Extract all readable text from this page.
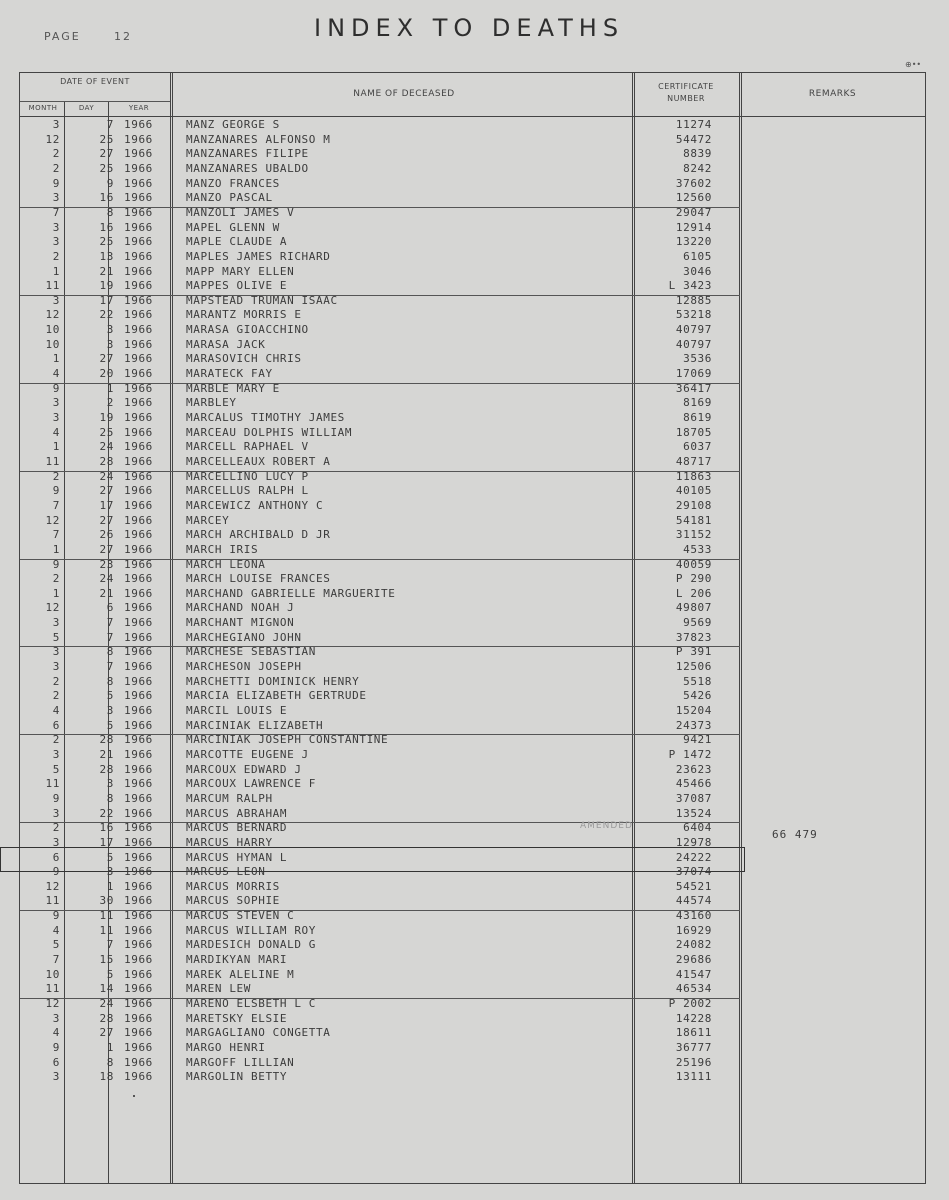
PAGE	12	INDEX TO DEATHS
⊕••
DATE OF EVENT
MONTH	DAY	YEAR
NAME OF DECEASED
CERTIFICATE NUMBER	REMARKS
3	7 1966	MANZ GEORGE S	11274
12	25 1966	MANZANARES ALFONSO M	54472
2	27 1966	MANZANARES FILIPE	8839
2	25 1966	MANZANARES UBALDO	8242
9	9 1966	MANZO FRANCES	37602
3	16 1966	MANZO PASCAL	12560
7	8 1966	MANZOLI JAMES V	29047
3	16 1966	MAPEL GLENN W	12914
3	25 1966	MAPLE CLAUDE A	13220
2	13 1966	MAPLES JAMES RICHARD	6105
1	21 1966	MAPP MARY ELLEN	3046
11	19 1966	MAPPES OLIVE E	L 3423
3	17 1966	MAPSTEAD TRUMAN ISAAC	12885
12	22 1966	MARANTZ MORRIS E	53218
10	3 1966	MARASA GIOACCHINO	40797
10	3 1966	MARASA JACK	40797
1	27 1966	MARASOVICH CHRIS	3536
4	20 1966	MARATECK FAY	17069
9	1 1966	MARBLE MARY E	36417
3	2 1966	MARBLEY	8169
3	19 1966	MARCALUS TIMOTHY JAMES	8619
4	25 1966	MARCEAU DOLPHIS WILLIAM	18705
1	24 1966	MARCELL RAPHAEL V	6037
11	28 1966	MARCELLEAUX ROBERT A	48717
2	24 1966	MARCELLINO LUCY P	11863
9	27 1966	MARCELLUS RALPH L	40105
7	17 1966	MARCEWICZ ANTHONY C	29108
12	27 1966	MARCEY	54181
7	26 1966	MARCH ARCHIBALD D JR	31152
1	27 1966	MARCH IRIS	4533
9	23 1966	MARCH LEONA	40059
2	24 1966	MARCH LOUISE FRANCES	P 290
1	21 1966	MARCHAND GABRIELLE MARGUERITE	L 206
12	6 1966	MARCHAND NOAH J	49807
3	7 1966	MARCHANT MIGNON	9569
5	7 1966	MARCHEGIANO JOHN	37823
3	8 1966	MARCHESE SEBASTIAN	P 391
3	7 1966	MARCHESON JOSEPH	12506
2	8 1966	MARCHETTI DOMINICK HENRY	5518
2	5 1966	MARCIA ELIZABETH GERTRUDE	5426
4	3 1966	MARCIL LOUIS E	15204
6	5 1966	MARCINIAK ELIZABETH	24373
2	28 1966	MARCINIAK JOSEPH CONSTANTINE	9421
3	21 1966	MARCOTTE EUGENE J	P 1472
5	28 1966	MARCOUX EDWARD J	23623
11	3 1966	MARCOUX LAWRENCE F	45466
9	8 1966	MARCUM RALPH	37087
3	22 1966	MARCUS ABRAHAM	13524
2	16 1966	MARCUS BERNARD	6404
3	17 1966	MARCUS HARRY	12978
6	5 1966	MARCUS HYMAN L	24222
9	3 1966	MARCUS LEON	37074
12	1 1966	MARCUS MORRIS	54521
11	30 1966	MARCUS SOPHIE	44574
9	11 1966	MARCUS STEVEN C	43160
4	11 1966	MARCUS WILLIAM ROY	16929
5	7 1966	MARDESICH DONALD G	24082
7	15 1966	MARDIKYAN MARI	29686
10	5 1966	MAREK ALELINE M	41547
11	14 1966	MAREN LEW	46534
12	24 1966	MARENO ELSBETH L C	P 2002
3	28 1966	MARETSKY ELSIE	14228
4	27 1966	MARGAGLIANO CONGETTA	18611
9	1 1966	MARGO HENRI	36777
6	8 1966	MARGOFF LILLIAN	25196
3	18 1966	MARGOLIN BETTY	13111
AMENDED
66 479
